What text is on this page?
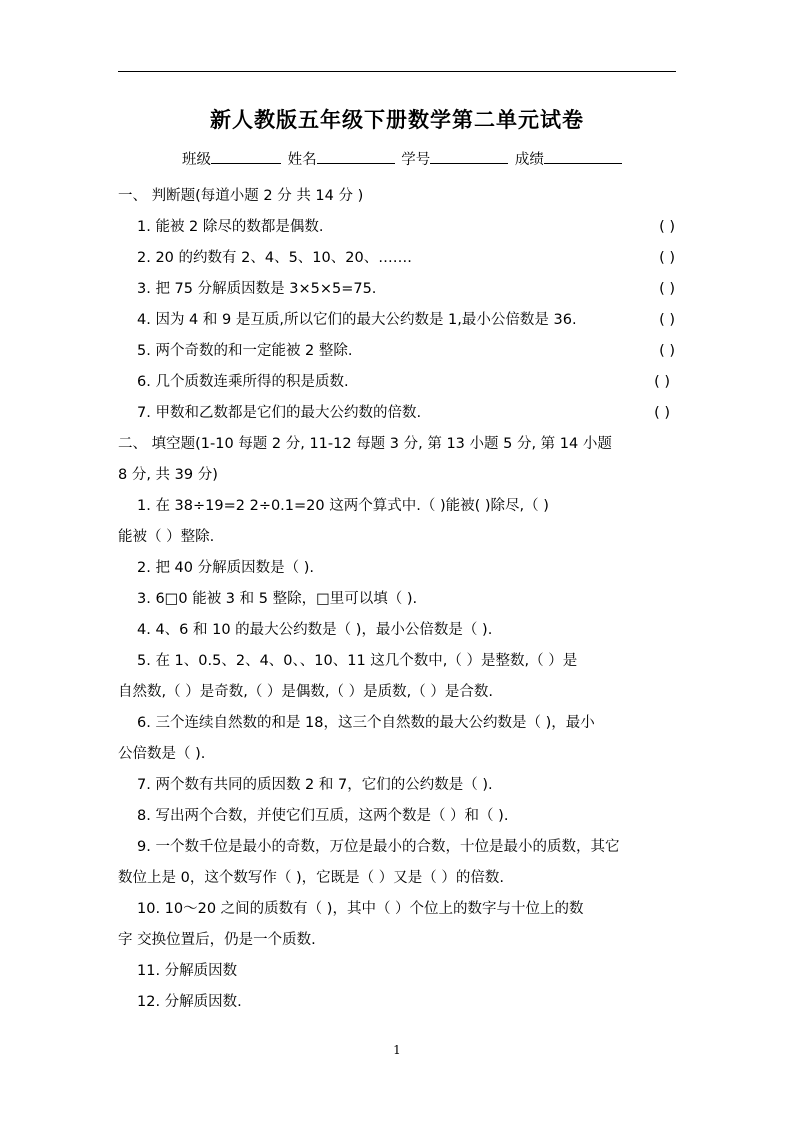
新人教版五年级下册数学第二单元试卷
班级	姓名	学号	成绩
一、 判断题(每道小题 2 分 共 14 分 )
1. 能被 2 除尽的数都是偶数.	( )
2. 20 的约数有 2、4、5、10、20、…….	( )
3. 把 75 分解质因数是 3×5×5=75.	( )
4. 因为 4 和 9 是互质,所以它们的最大公约数是 1,最小公倍数是 36.	( )
5. 两个奇数的和一定能被 2 整除.	( )
6. 几个质数连乘所得的积是质数.	( )
7. 甲数和乙数都是它们的最大公约数的倍数.	( )
二、 填空题(1-10 每题 2 分, 11-12 每题 3 分, 第 13 小题 5 分, 第 14 小题
8 分, 共 39 分)
1. 在 38÷19=2 2÷0.1=20 这两个算式中.（ )能被( )除尽,（ )
能被（ ）整除.
2. 把 40 分解质因数是（ ).
3. 6□0 能被 3 和 5 整除，□里可以填（ ).
4. 4、6 和 10 的最大公约数是（ )，最小公倍数是（ ).
5. 在 1、0.5、2、4、0、、10、11 这几个数中,（ ）是整数,（ ）是
自然数,（ ）是奇数,（ ）是偶数,（ ）是质数,（ ）是合数.
6. 三个连续自然数的和是 18，这三个自然数的最大公约数是（ )，最小
公倍数是（ ).
7. 两个数有共同的质因数 2 和 7，它们的公约数是（ ).
8. 写出两个合数，并使它们互质，这两个数是（ ）和（ ).
9. 一个数千位是最小的奇数，万位是最小的合数，十位是最小的质数，其它
数位上是 0，这个数写作（ )，它既是（ ）又是（ ）的倍数.
10. 10～20 之间的质数有（ )，其中（ ）个位上的数字与十位上的数
字 交换位置后，仍是一个质数.
11. 分解质因数
12. 分解质因数.
1
